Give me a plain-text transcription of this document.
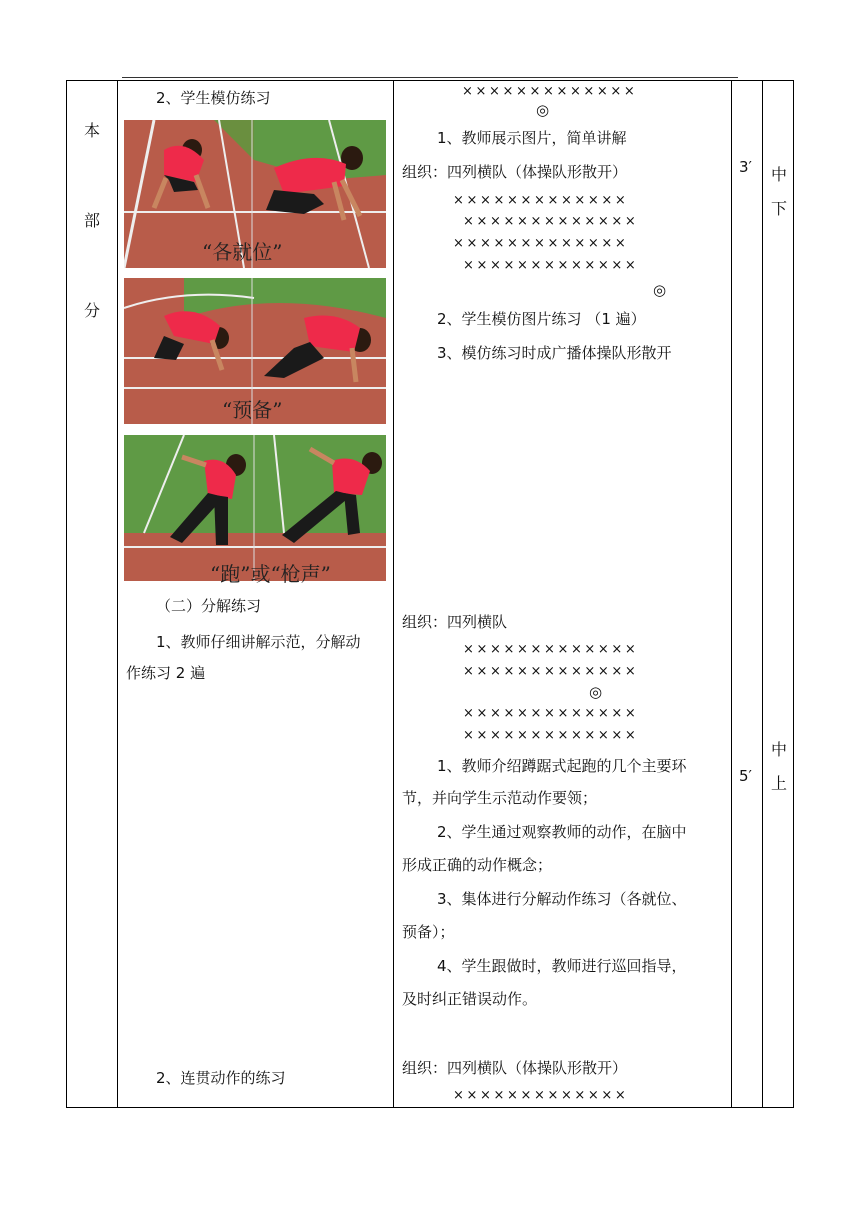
本
部
分
2、学生模仿练习
“各就位”
“预备”
“跑”或“枪声”
（二）分解练习
1、教师仔细讲解示范，分解动
作练习 2 遍
2、连贯动作的练习
×××××××××××××
◎
1、教师展示图片，简单讲解
组织：四列横队（体操队形散开）
×××××××××××××
×××××××××××××
×××××××××××××
×××××××××××××
◎
2、学生模仿图片练习 （1 遍）
3、模仿练习时成广播体操队形散开
组织：四列横队
×××××××××××××
×××××××××××××
◎
×××××××××××××
×××××××××××××
1、教师介绍蹲踞式起跑的几个主要环
节，并向学生示范动作要领；
2、学生通过观察教师的动作，在脑中
形成正确的动作概念；
3、集体进行分解动作练习（各就位、
预备）；
4、学生跟做时，教师进行巡回指导，
及时纠正错误动作。
组织：四列横队（体操队形散开）
×××××××××××××
3′
5′
中
下
中
上
